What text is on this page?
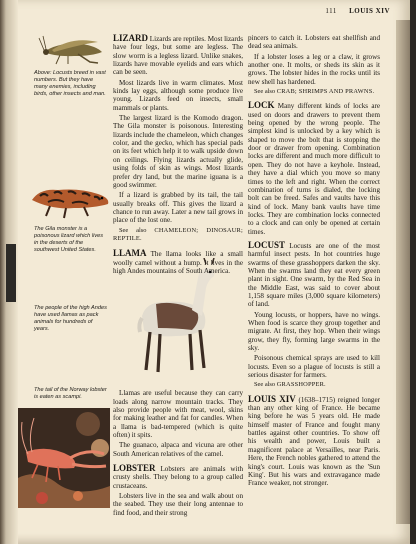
111 LOUIS XIV
Above: Locusts breed in vast numbers. But they have many enemies, including birds, other insects and man.
The Gila monster is a poisonous lizard which lives in the deserts of the southwest United States.
The people of the high Andes have used llamas as pack animals for hundreds of years.
The tail of the Norway lobster is eaten as scampi.

LIZARD Lizards are reptiles. Most lizards have four legs, but some are legless. The slow worm is a legless lizard. Unlike snakes, lizards have movable eyelids and ears which can be seen.

Most lizards live in warm climates. Most kinds lay eggs, although some produce live young. Lizards feed on insects, small mammals or plants.

The largest lizard is the Komodo dragon. The Gila monster is poisonous. Interesting lizards include the chameleon, which changes color, and the gecko, which has special pads on its feet which help it to walk upside down on ceilings. Flying lizards actually glide, using folds of skin as wings. Most lizards prefer dry land, but the marine iguana is a good swimmer.

If a lizard is grabbed by its tail, the tail usually breaks off. This gives the lizard a chance to run away. Later a new tail grows in place of the lost one.

See also CHAMELEON; DINOSAUR; REPTILE.

LLAMA The llama looks like a small woolly camel without a hump. It lives in the high Andes mountains of South America.

Llamas are useful because they can carry loads along narrow mountain tracks. They also provide people with meat, wool, skins for making leather and fat for candles. When a llama is bad-tempered (which is quite often) it spits.

The guanaco, alpaca and vicuna are other South American relatives of the camel.

LOBSTER Lobsters are animals with crusty shells. They belong to a group called crustaceans.

Lobsters live in the sea and walk about on the seabed. They use their long antennae to find food, and their strong

pincers to catch it. Lobsters eat shellfish and dead sea animals.

If a lobster loses a leg or a claw, it grows another one. It molts, or sheds its skin as it grows. The lobster hides in the rocks until its new shell has hardened.

See also CRAB; SHRIMPS AND PRAWNS.

LOCK Many different kinds of locks are used on doors and drawers to prevent them being opened by the wrong people. The simplest kind is unlocked by a key which is shaped to move the bolt that is stopping the door or drawer from opening. Combination locks are different and much more difficult to open. They do not have a keyhole. Instead, they have a dial which you move so many times to the left and right. When the correct combination of turns is dialed, the locking bolt can be freed. Safes and vaults have this kind of lock. Many bank vaults have time locks. They are combination locks connected to a clock and can only be opened at certain times.

LOCUST Locusts are one of the most harmful insect pests. In hot countries huge swarms of these grasshoppers darken the sky. When the swarms land they eat every green plant in sight. One swarm, by the Red Sea in the Middle East, was said to cover about 1,158 square miles (3,000 square kilometers) of land.

Young locusts, or hoppers, have no wings. When food is scarce they group together and migrate. At first, they hop. When their wings grow, they fly, forming large swarms in the sky.

Poisonous chemical sprays are used to kill locusts. Even so a plague of locusts is still a serious disaster for farmers.

See also GRASSHOPPER.

LOUIS XIV (1638–1715) reigned longer than any other king of France. He became king before he was 5 years old. He made himself master of France and fought many battles against other countries. To show off his wealth and power, Louis built a magnificent palace at Versailles, near Paris. Here, the French nobles gathered to attend the king's court. Louis was known as the 'Sun King'. But his wars and extravagance made France weaker, not stronger.
